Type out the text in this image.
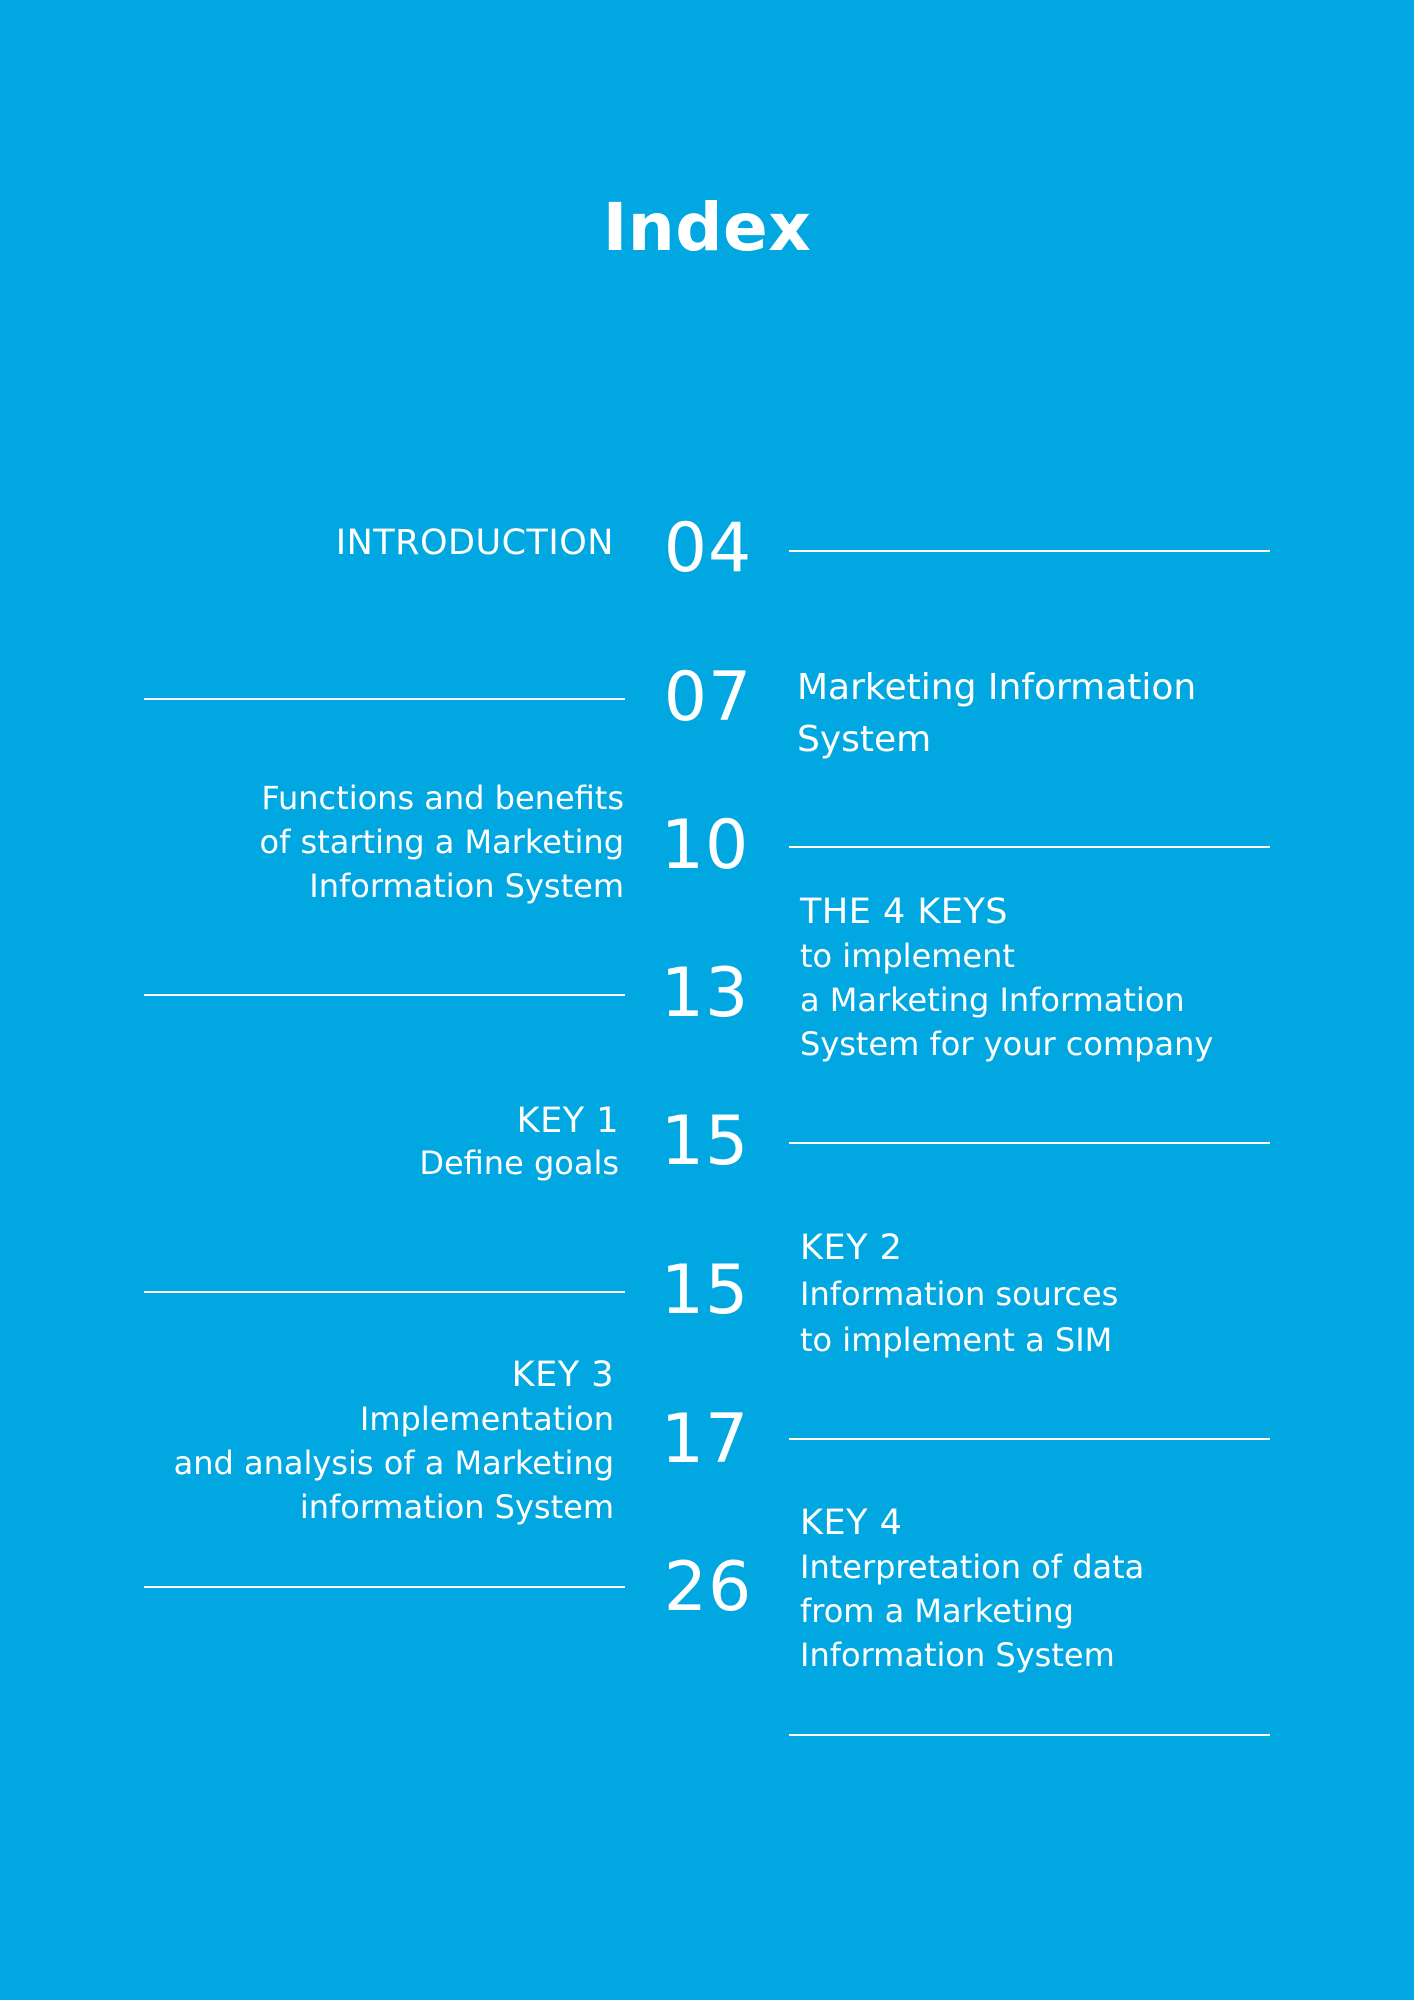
Index
INTRODUCTION 04
07	Marketing Information
System
Functions and benefits
of starting a Marketing
Information System
10
13
THE 4 KEYS
to implement
a Marketing Information
System for your company
KEY 1
Define goals 15
15
KEY 2
Information sources
to implement a SIM
KEY 3
Implementation
and analysis of a Marketing
information System
17
26
KEY 4
Interpretation of data
from a Marketing
Information System
